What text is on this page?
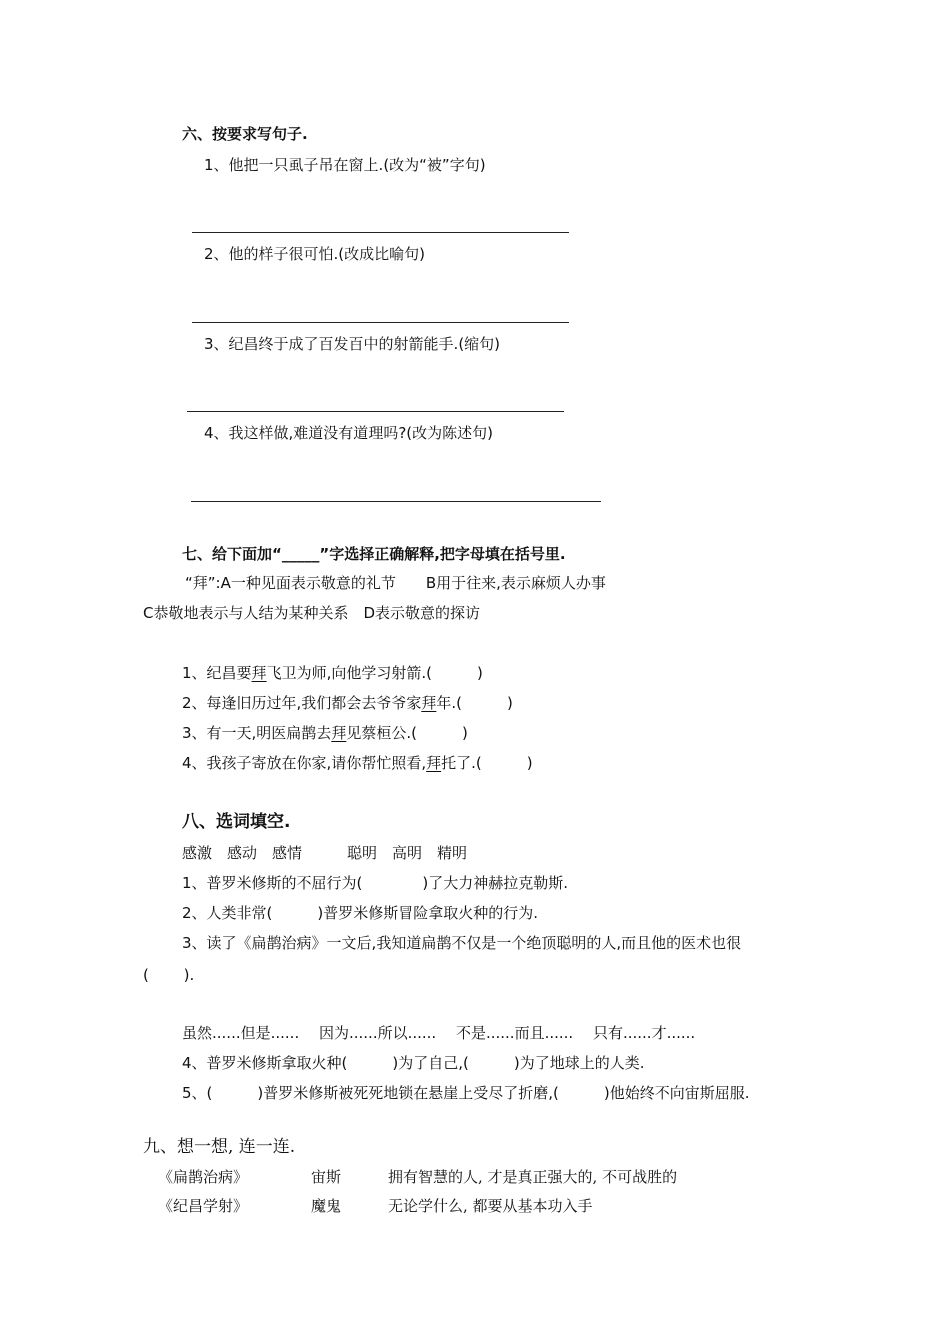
六、按要求写句子.
1、他把一只虱子吊在窗上.(改为“被”字句)
2、他的样子很可怕.(改成比喻句)
3、纪昌终于成了百发百中的射箭能手.(缩句)
4、我这样做,难道没有道理吗?(改为陈述句)
七、给下面加“_____”字选择正确解释,把字母填在括号里.
“拜”:A一种见面表示敬意的礼节　　B用于往来,表示麻烦人办事
C恭敬地表示与人结为某种关系　D表示敬意的探访
1、纪昌要拜飞卫为师,向他学习射箭.(　　　)
2、每逢旧历过年,我们都会去爷爷家拜年.(　　　)
3、有一天,明医扁鹊去拜见蔡桓公.(　　　)
4、我孩子寄放在你家,请你帮忙照看,拜托了.(　　　)
八、选词填空.
感激　感动　感情　　　聪明　高明　精明
1、普罗米修斯的不屈行为(　　　　)了大力神赫拉克勒斯.
2、人类非常(　　　)普罗米修斯冒险拿取火种的行为.
3、读了《扁鹊治病》一文后,我知道扁鹊不仅是一个绝顶聪明的人,而且他的医术也很
(　　 ).
虽然......但是......　 因为......所以......　 不是......而且......　 只有......才......
4、普罗米修斯拿取火种(　　　)为了自己,(　　　)为了地球上的人类.
5、(　　　)普罗米修斯被死死地锁在悬崖上受尽了折磨,(　　　)他始终不向宙斯屈服.
九、想一想, 连一连.
《扁鹊治病》	宙斯	拥有智慧的人, 才是真正强大的, 不可战胜的
《纪昌学射》	魔鬼	无论学什么, 都要从基本功入手
